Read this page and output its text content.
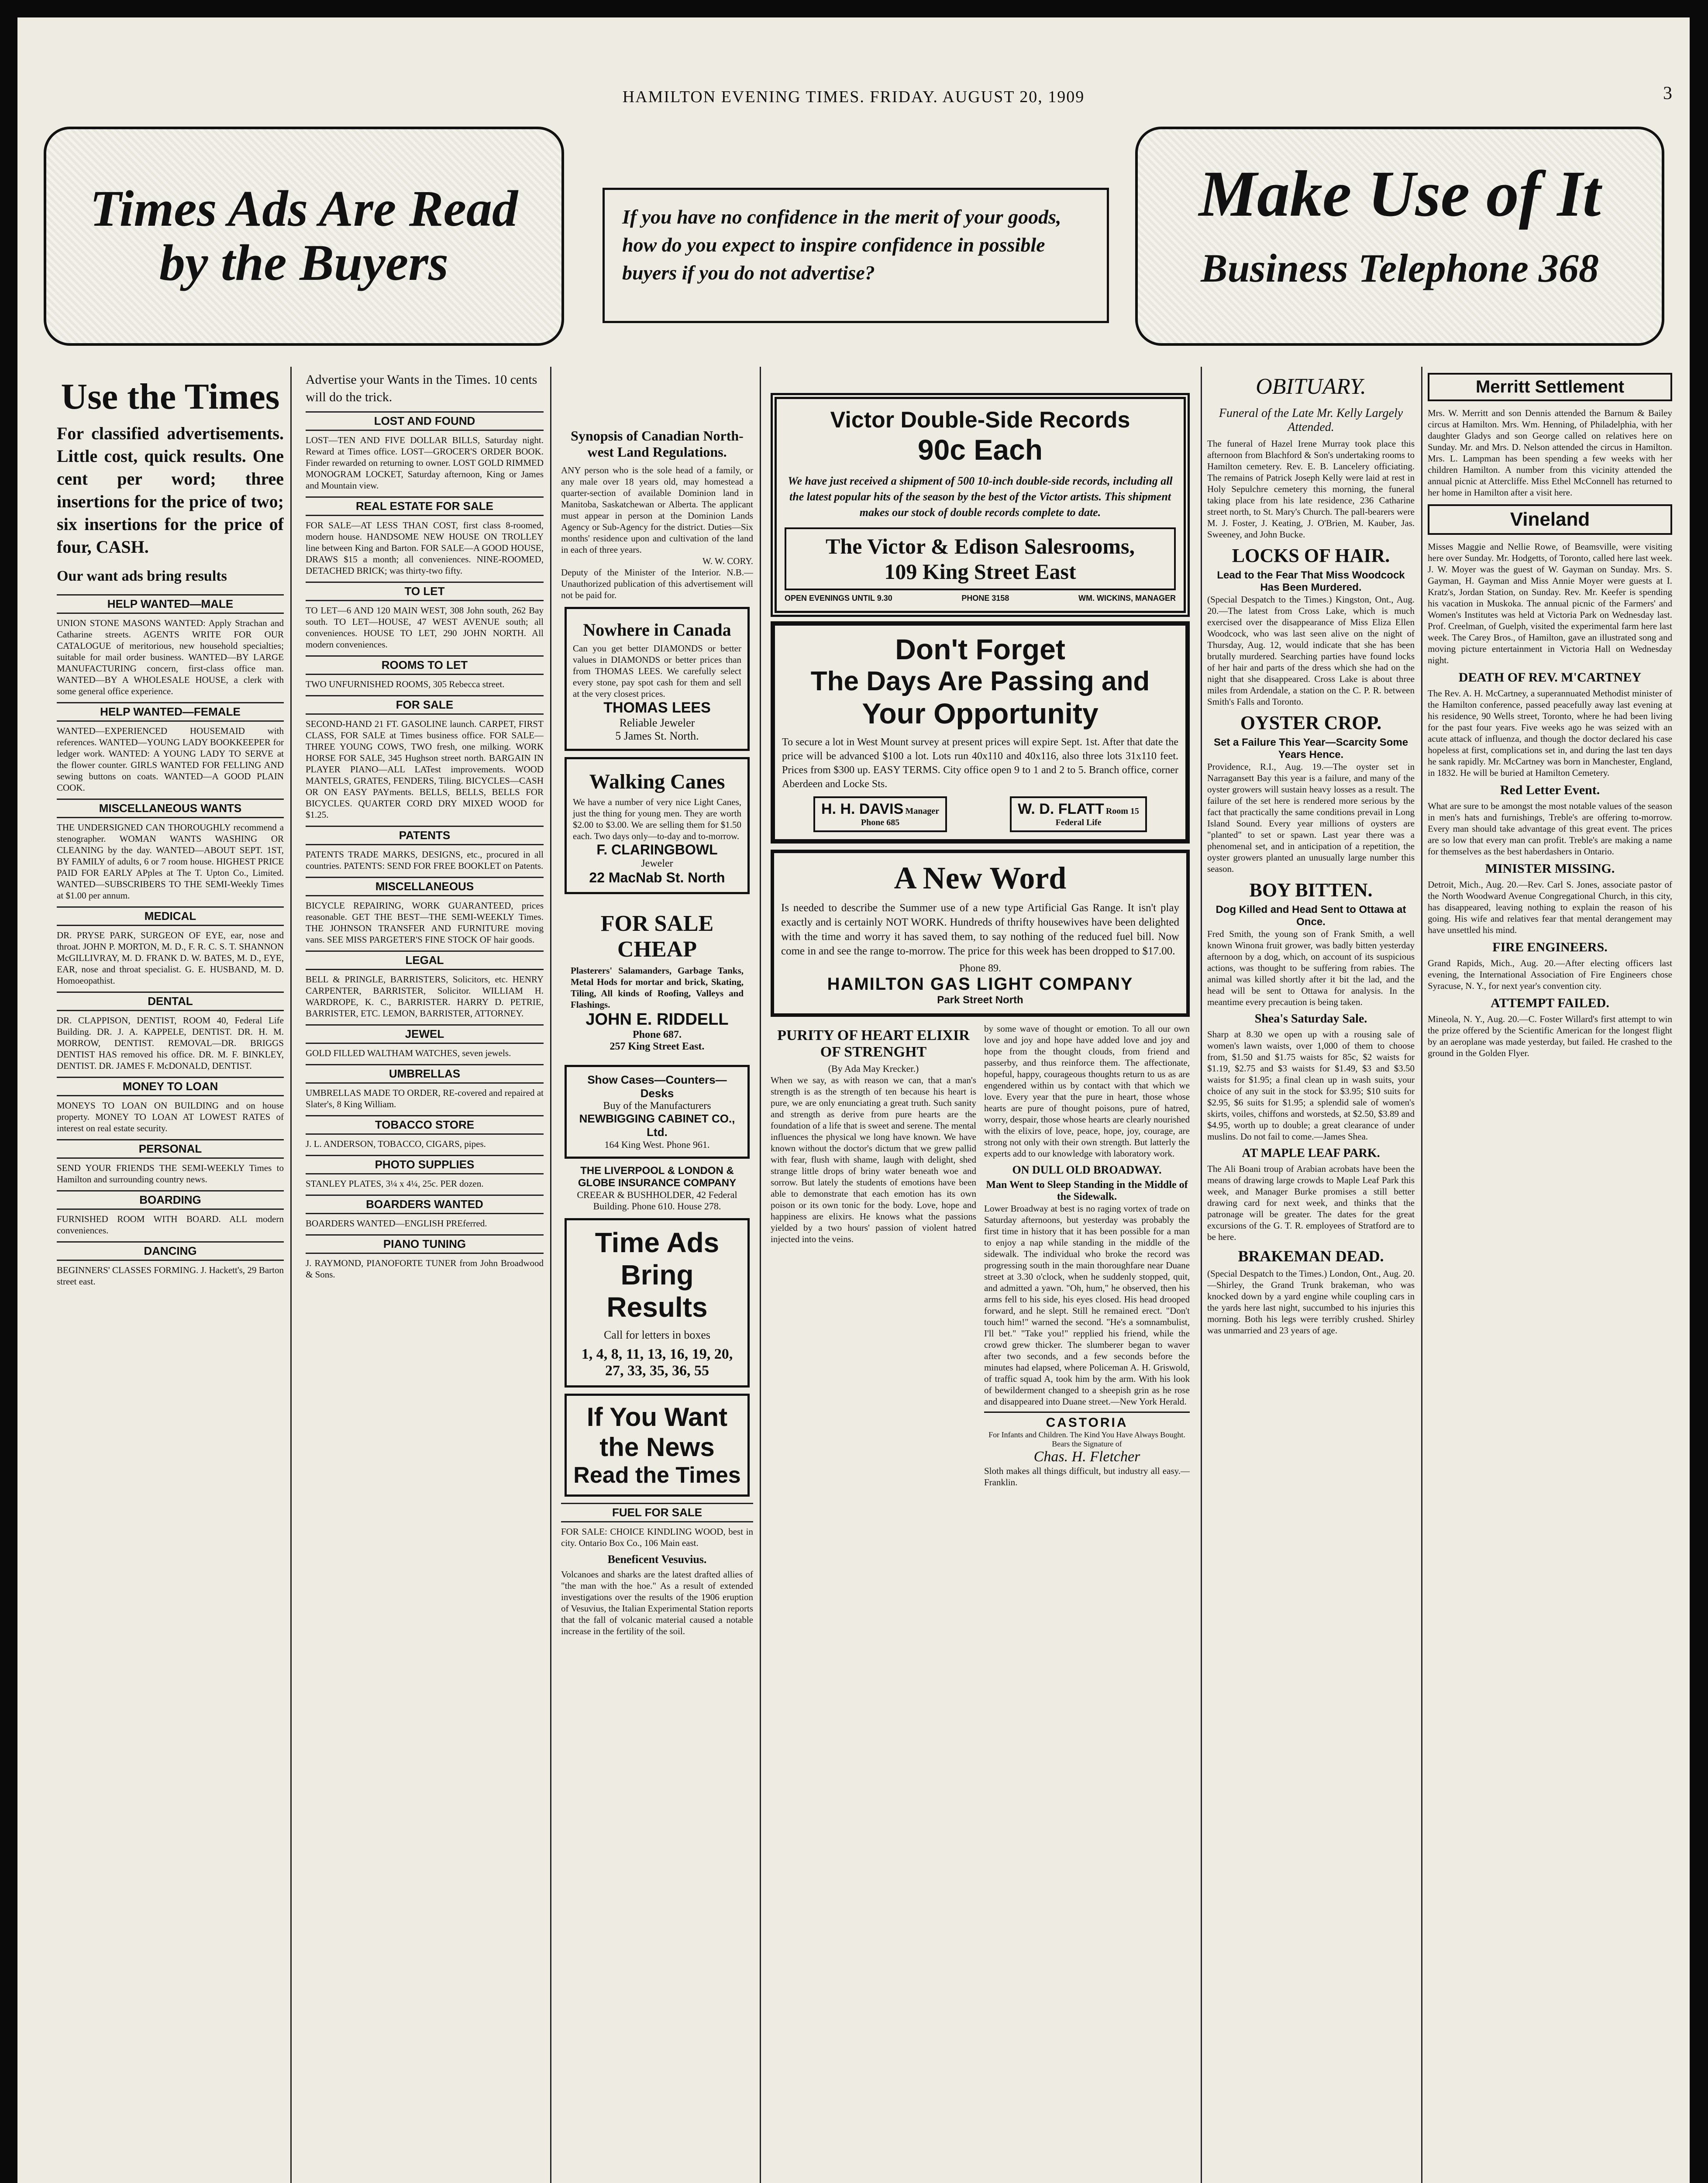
HAMILTON EVENING TIMES. FRIDAY. AUGUST 20, 1909	3
Times Ads Are Read by the Buyers
If you have no confidence in the merit of your goods, how do you expect to inspire confidence in possible buyers if you do not advertise?
Make Use of It
Business Telephone 368
Use the Times
For classified advertisements. Little cost, quick results. One cent per word; three insertions for the price of two; six insertions for the price of four, CASH.
Our want ads bring results
HELP WANTED—MALE
UNION STONE MASONS WANTED: Apply Strachan and Catharine streets. AGENTS WRITE FOR OUR CATALOGUE of meritorious, new household specialties; suitable for mail order business. WANTED—BY LARGE MANUFACTURING concern, first-class office man. WANTED—BY A WHOLESALE HOUSE, a clerk with some general office experience.
HELP WANTED—FEMALE
WANTED—EXPERIENCED HOUSEMAID with references. WANTED—YOUNG LADY BOOKKEEPER for ledger work. WANTED: A YOUNG LADY TO SERVE at the flower counter. GIRLS WANTED FOR FELLING AND sewing buttons on coats. WANTED—A GOOD PLAIN COOK.
MISCELLANEOUS WANTS
THE UNDERSIGNED CAN THOROUGHLY recommend a stenographer. WOMAN WANTS WASHING OR CLEANING by the day. WANTED—ABOUT SEPT. 1ST, BY FAMILY of adults, 6 or 7 room house. HIGHEST PRICE PAID FOR EARLY APples at The T. Upton Co., Limited. WANTED—SUBSCRIBERS TO THE SEMI-Weekly Times at $1.00 per annum.
MEDICAL
DR. PRYSE PARK, SURGEON OF EYE, ear, nose and throat. JOHN P. MORTON, M. D., F. R. C. S. T. SHANNON McGILLIVRAY, M. D. FRANK D. W. BATES, M. D., EYE, EAR, nose and throat specialist. G. E. HUSBAND, M. D. Homoeopathist.
DENTAL
DR. CLAPPISON, DENTIST, ROOM 40, Federal Life Building. DR. J. A. KAPPELE, DENTIST. DR. H. M. MORROW, DENTIST. REMOVAL—DR. BRIGGS DENTIST HAS removed his office. DR. M. F. BINKLEY, DENTIST. DR. JAMES F. McDONALD, DENTIST.
MONEY TO LOAN
MONEYS TO LOAN ON BUILDING and on house property. MONEY TO LOAN AT LOWEST RATES of interest on real estate security.
PERSONAL
SEND YOUR FRIENDS THE SEMI-WEEKLY Times to Hamilton and surrounding country news.
BOARDING
FURNISHED ROOM WITH BOARD. ALL modern conveniences.
DANCING
BEGINNERS' CLASSES FORMING. J. Hackett's, 29 Barton street east.
Advertise your Wants in the Times. 10 cents will do the trick.
LOST AND FOUND
LOST—TEN AND FIVE DOLLAR BILLS, Saturday night. Reward at Times office. LOST—GROCER'S ORDER BOOK. Finder rewarded on returning to owner. LOST GOLD RIMMED MONOGRAM LOCKET, Saturday afternoon, King or James and Mountain view.
REAL ESTATE FOR SALE
FOR SALE—AT LESS THAN COST, first class 8-roomed, modern house. HANDSOME NEW HOUSE ON TROLLEY line between King and Barton. FOR SALE—A GOOD HOUSE, DRAWS $15 a month; all conveniences. NINE-ROOMED, DETACHED BRICK; was thirty-two fifty.
TO LET
TO LET—6 AND 120 MAIN WEST, 308 John south, 262 Bay south. TO LET—HOUSE, 47 WEST AVENUE south; all conveniences. HOUSE TO LET, 290 JOHN NORTH. All modern conveniences.
ROOMS TO LET
TWO UNFURNISHED ROOMS, 305 Rebecca street.
FOR SALE
SECOND-HAND 21 FT. GASOLINE launch. CARPET, FIRST CLASS, FOR SALE at Times business office. FOR SALE—THREE YOUNG COWS, TWO fresh, one milking. WORK HORSE FOR SALE, 345 Hughson street north. BARGAIN IN PLAYER PIANO—ALL LATest improvements. WOOD MANTELS, GRATES, FENDERS, Tiling. BICYCLES—CASH OR ON EASY PAYments. BELLS, BELLS, BELLS FOR BICYCLES. QUARTER CORD DRY MIXED WOOD for $1.25.
PATENTS
PATENTS TRADE MARKS, DESIGNS, etc., procured in all countries. PATENTS: SEND FOR FREE BOOKLET on Patents.
MISCELLANEOUS
BICYCLE REPAIRING, WORK GUARANTEED, prices reasonable. GET THE BEST—THE SEMI-WEEKLY Times. THE JOHNSON TRANSFER AND FURNITURE moving vans. SEE MISS PARGETER'S FINE STOCK OF hair goods.
LEGAL
BELL & PRINGLE, BARRISTERS, Solicitors, etc. HENRY CARPENTER, BARRISTER, Solicitor. WILLIAM H. WARDROPE, K. C., BARRISTER. HARRY D. PETRIE, BARRISTER, ETC. LEMON, BARRISTER, ATTORNEY.
JEWEL
GOLD FILLED WALTHAM WATCHES, seven jewels.
UMBRELLAS
UMBRELLAS MADE TO ORDER, RE-covered and repaired at Slater's, 8 King William.
TOBACCO STORE
J. L. ANDERSON, TOBACCO, CIGARS, pipes.
PHOTO SUPPLIES
STANLEY PLATES, 3¼ x 4¼, 25c. PER dozen.
BOARDERS WANTED
BOARDERS WANTED—ENGLISH PREferred.
PIANO TUNING
J. RAYMOND, PIANOFORTE TUNER from John Broadwood & Sons.
Synopsis of Canadian North-west Land Regulations.
ANY person who is the sole head of a family, or any male over 18 years old, may homestead a quarter-section of available Dominion land in Manitoba, Saskatchewan or Alberta. The applicant must appear in person at the Dominion Lands Agency or Sub-Agency for the district. Duties—Six months' residence upon and cultivation of the land in each of three years.
W. W. CORY.
Deputy of the Minister of the Interior. N.B.—Unauthorized publication of this advertisement will not be paid for.
Nowhere in Canada
Can you get better DIAMONDS or better values in DIAMONDS or better prices than from THOMAS LEES. We carefully select every stone, pay spot cash for them and sell at the very closest prices.
THOMAS LEES
Reliable Jeweler
5 James St. North.
Walking Canes
We have a number of very nice Light Canes, just the thing for young men. They are worth $2.00 to $3.00. We are selling them for $1.50 each. Two days only—to-day and to-morrow.
F. CLARINGBOWL
Jeweler
22 MacNab St. North
FOR SALE CHEAP
Plasterers' Salamanders, Garbage Tanks, Metal Hods for mortar and brick, Skating, Tiling, All kinds of Roofing, Valleys and Flashings.
JOHN E. RIDDELL
Phone 687.
257 King Street East.
Show Cases—Counters—Desks
Buy of the Manufacturers
NEWBIGGING CABINET CO., Ltd.
164 King West. Phone 961.
THE LIVERPOOL & LONDON & GLOBE INSURANCE COMPANY
CREEAR & BUSHHOLDER, 42 Federal Building. Phone 610. House 278.
Time Ads
Bring
Results
Call for letters in boxes
1, 4, 8, 11, 13, 16, 19, 20, 27, 33, 35, 36, 55
If You Want
the News
Read the Times
FUEL FOR SALE
FOR SALE: CHOICE KINDLING WOOD, best in city. Ontario Box Co., 106 Main east.
Beneficent Vesuvius.
Volcanoes and sharks are the latest drafted allies of "the man with the hoe." As a result of extended investigations over the results of the 1906 eruption of Vesuvius, the Italian Experimental Station reports that the fall of volcanic material caused a notable increase in the fertility of the soil.
Victor Double-Side Records
90c Each
We have just received a shipment of 500 10-inch double-side records, including all the latest popular hits of the season by the best of the Victor artists. This shipment makes our stock of double records complete to date.
The Victor & Edison Salesrooms,
109 King Street East
OPEN EVENINGS UNTIL 9.30	PHONE 3158	WM. WICKINS, MANAGER
Don't Forget
The Days Are Passing and
Your Opportunity
To secure a lot in West Mount survey at present prices will expire Sept. 1st. After that date the price will be advanced $100 a lot. Lots run 40x110 and 40x116, also three lots 31x110 feet. Prices from $300 up. EASY TERMS. City office open 9 to 1 and 2 to 5. Branch office, corner Aberdeen and Locke Sts.
H. H. DAVIS Manager
Phone 685
W. D. FLATT Room 15
Federal Life
A New Word
Is needed to describe the Summer use of a new type Artificial Gas Range. It isn't play exactly and is certainly NOT WORK. Hundreds of thrifty housewives have been delighted with the time and worry it has saved them, to say nothing of the reduced fuel bill. Now come in and see the range to-morrow. The price for this week has been dropped to $17.00.
Phone 89.
HAMILTON GAS LIGHT COMPANY
Park Street North
PURITY OF HEART ELIXIR OF STRENGHT
(By Ada May Krecker.)
When we say, as with reason we can, that a man's strength is as the strength of ten because his heart is pure, we are only enunciating a great truth. Such sanity and strength as derive from pure hearts are the foundation of a life that is sweet and serene. The mental influences the physical we long have known. We have known without the doctor's dictum that we grew pallid with fear, flush with shame, laugh with delight, shed strange little drops of briny water beneath woe and sorrow. But lately the students of emotions have been able to demonstrate that each emotion has its own poison or its own tonic for the body. Love, hope and happiness are elixirs. He knows what the passions yielded by a two hours' passion of violent hatred injected into the veins.
by some wave of thought or emotion. To all our own love and joy and hope have added love and joy and hope from the thought clouds, from friend and passerby, and thus reinforce them. The affectionate, hopeful, happy, courageous thoughts return to us as are engendered within us by contact with that which we love. Every year that the pure in heart, those whose hearts are pure of thought poisons, pure of hatred, worry, despair, those whose hearts are clearly nourished with the elixirs of love, peace, hope, joy, courage, are strong not only with their own strength. But latterly the experts add to our knowledge with laboratory work.
ON DULL OLD BROADWAY.
Man Went to Sleep Standing in the Middle of the Sidewalk.
Lower Broadway at best is no raging vortex of trade on Saturday afternoons, but yesterday was probably the first time in history that it has been possible for a man to enjoy a nap while standing in the middle of the sidewalk. The individual who broke the record was progressing south in the main thoroughfare near Duane street at 3.30 o'clock, when he suddenly stopped, quit, and admitted a yawn. "Oh, hum," he observed, then his arms fell to his side, his eyes closed. His head drooped forward, and he slept. Still he remained erect. "Don't touch him!" warned the second. "He's a somnambulist, I'll bet." "Take you!" repplied his friend, while the crowd grew thicker. The slumberer began to waver after two seconds, and a few seconds before the minutes had elapsed, where Policeman A. H. Griswold, of traffic squad A, took him by the arm. With his look of bewilderment changed to a sheepish grin as he rose and disappeared into Duane street.—New York Herald.
CASTORIA
For Infants and Children. The Kind You Have Always Bought. Bears the Signature of
Chas. H. Fletcher
Sloth makes all things difficult, but industry all easy.—Franklin.
OBITUARY.
Funeral of the Late Mr. Kelly Largely Attended.
The funeral of Hazel Irene Murray took place this afternoon from Blachford & Son's undertaking rooms to Hamilton cemetery. Rev. E. B. Lancelery officiating. The remains of Patrick Joseph Kelly were laid at rest in Holy Sepulchre cemetery this morning, the funeral taking place from his late residence, 236 Catharine street north, to St. Mary's Church. The pall-bearers were M. J. Foster, J. Keating, J. O'Brien, M. Kauber, Jas. Sweeney, and John Bucke.
LOCKS OF HAIR.
Lead to the Fear That Miss Woodcock Has Been Murdered.
(Special Despatch to the Times.) Kingston, Ont., Aug. 20.—The latest from Cross Lake, which is much exercised over the disappearance of Miss Eliza Ellen Woodcock, who was last seen alive on the night of Thursday, Aug. 12, would indicate that she has been brutally murdered. Searching parties have found locks of her hair and parts of the dress which she had on the night that she disappeared. Cross Lake is about three miles from Ardendale, a station on the C. P. R. between Smith's Falls and Toronto.
OYSTER CROP.
Set a Failure This Year—Scarcity Some Years Hence.
Providence, R.I., Aug. 19.—The oyster set in Narragansett Bay this year is a failure, and many of the oyster growers will sustain heavy losses as a result. The failure of the set here is rendered more serious by the fact that practically the same conditions prevail in Long Island Sound. Every year millions of oysters are "planted" to set or spawn. Last year there was a phenomenal set, and in anticipation of a repetition, the oyster growers planted an unusually large number this season.
BOY BITTEN.
Dog Killed and Head Sent to Ottawa at Once.
Fred Smith, the young son of Frank Smith, a well known Winona fruit grower, was badly bitten yesterday afternoon by a dog, which, on account of its suspicious actions, was thought to be suffering from rabies. The animal was killed shortly after it bit the lad, and the head will be sent to Ottawa for analysis. In the meantime every precaution is being taken.
Shea's Saturday Sale.
Sharp at 8.30 we open up with a rousing sale of women's lawn waists, over 1,000 of them to choose from, $1.50 and $1.75 waists for 85c, $2 waists for $1.19, $2.75 and $3 waists for $1.49, $3 and $3.50 waists for $1.95; a final clean up in wash suits, your choice of any suit in the stock for $3.95; $10 suits for $2.95, $6 suits for $1.95; a splendid sale of women's skirts, voiles, chiffons and worsteds, at $2.50, $3.89 and $4.95, worth up to double; a great clearance of under muslins. Do not fail to come.—James Shea.
AT MAPLE LEAF PARK.
The Ali Boani troup of Arabian acrobats have been the means of drawing large crowds to Maple Leaf Park this week, and Manager Burke promises a still better drawing card for next week, and thinks that the patronage will be greater. The dates for the great excursions of the G. T. R. employees of Stratford are to be here.
BRAKEMAN DEAD.
(Special Despatch to the Times.) London, Ont., Aug. 20.—Shirley, the Grand Trunk brakeman, who was knocked down by a yard engine while coupling cars in the yards here last night, succumbed to his injuries this morning. Both his legs were terribly crushed. Shirley was unmarried and 23 years of age.
Merritt Settlement
Mrs. W. Merritt and son Dennis attended the Barnum & Bailey circus at Hamilton. Mrs. Wm. Henning, of Philadelphia, with her daughter Gladys and son George called on relatives here on Sunday. Mr. and Mrs. D. Nelson attended the circus in Hamilton. Mrs. L. Lampman has been spending a few weeks with her children Hamilton. A number from this vicinity attended the annual picnic at Attercliffe. Miss Ethel McConnell has returned to her home in Hamilton after a visit here.
Vineland
Misses Maggie and Nellie Rowe, of Beamsville, were visiting here over Sunday. Mr. Hodgetts, of Toronto, called here last week. J. W. Moyer was the guest of W. Gayman on Sunday. Mrs. S. Gayman, H. Gayman and Miss Annie Moyer were guests at I. Kratz's, Jordan Station, on Sunday. Rev. Mr. Keefer is spending his vacation in Muskoka. The annual picnic of the Farmers' and Women's Institutes was held at Victoria Park on Wednesday last. Prof. Creelman, of Guelph, visited the experimental farm here last week. The Carey Bros., of Hamilton, gave an illustrated song and moving picture entertainment in Victoria Hall on Wednesday night.
DEATH OF REV. M'CARTNEY
The Rev. A. H. McCartney, a superannuated Methodist minister of the Hamilton conference, passed peacefully away last evening at his residence, 90 Wells street, Toronto, where he had been living for the past four years. Five weeks ago he was seized with an acute attack of influenza, and though the doctor declared his case hopeless at first, complications set in, and during the last ten days he sank rapidly. Mr. McCartney was born in Manchester, England, in 1832. He will be buried at Hamilton Cemetery.
Red Letter Event.
What are sure to be amongst the most notable values of the season in men's hats and furnishings, Treble's are offering to-morrow. Every man should take advantage of this great event. The prices are so low that every man can profit. Treble's are making a name for themselves as the best haberdashers in Ontario.
MINISTER MISSING.
Detroit, Mich., Aug. 20.—Rev. Carl S. Jones, associate pastor of the North Woodward Avenue Congregational Church, in this city, has disappeared, leaving nothing to explain the reason of his going. His wife and relatives fear that mental derangement may have unsettled his mind.
FIRE ENGINEERS.
Grand Rapids, Mich., Aug. 20.—After electing officers last evening, the International Association of Fire Engineers chose Syracuse, N. Y., for next year's convention city.
ATTEMPT FAILED.
Mineola, N. Y., Aug. 20.—C. Foster Willard's first attempt to win the prize offered by the Scientific American for the longest flight by an aeroplane was made yesterday, but failed. He crashed to the ground in the Golden Flyer.
